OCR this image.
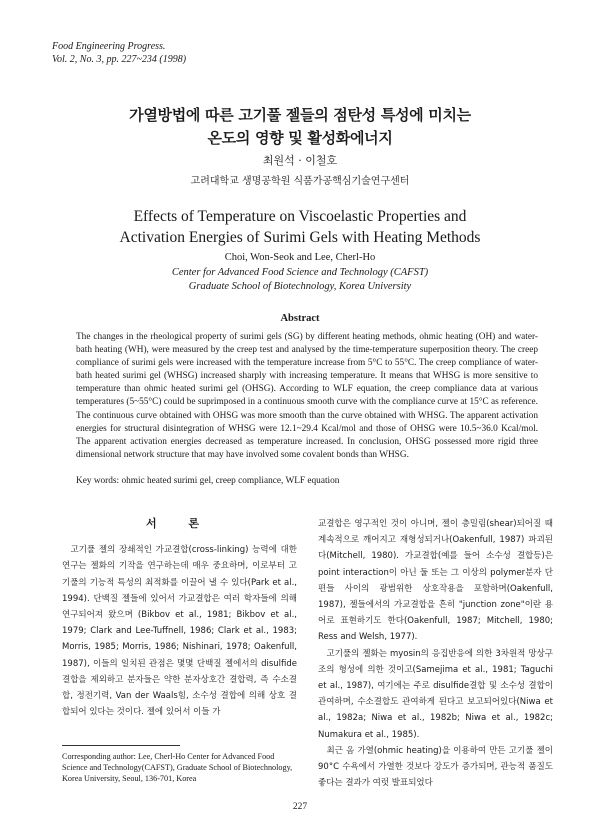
Food Engineering Progress.
Vol. 2, No. 3, pp. 227~234 (1998)
가열방법에 따른 고기풀 젤들의 점탄성 특성에 미치는
온도의 영향 및 활성화에너지
최원석 · 이철호
고려대학교 생명공학원 식품가공핵심기술연구센터
Effects of Temperature on Viscoelastic Properties and
Activation Energies of Surimi Gels with Heating Methods
Choi, Won-Seok and Lee, Cherl-Ho
Center for Advanced Food Science and Technology (CAFST)
Graduate School of Biotechnology, Korea University
Abstract
The changes in the rheological property of surimi gels (SG) by different heating methods, ohmic heating (OH) and water-bath heating (WH), were measured by the creep test and analysed by the time-temperature superposition theory. The creep compliance of surimi gels were increased with the temperature increase from 5°C to 55°C. The creep compliance of water-bath heated surimi gel (WHSG) increased sharply with increasing temperature. It means that WHSG is more sensitive to temperature than ohmic heated surimi gel (OHSG). According to WLF equation, the creep compliance data at various temperatures (5~55°C) could be suprimposed in a continuous smooth curve with the compliance curve at 15°C as reference. The continuous curve obtained with OHSG was more smooth than the curve obtained with WHSG. The apparent activation energies for structural disintegration of WHSG were 12.1~29.4 Kcal/mol and those of OHSG were 10.5~36.0 Kcal/mol. The apparent activation energies decreased as temperature increased. In conclusion, OHSG possessed more rigid three dimensional network structure that may have involved some covalent bonds than WHSG.
Key words: ohmic heated surimi gel, creep compliance, WLF equation
서 론

고기풀 젤의 장쇄적인 가교결합(cross-linking) 능력에 대한 연구는 젤화의 기작을 연구하는데 매우 중요하며, 이로부터 고기풀의 기능적 특성의 최적화를 이끌어 낼 수 있다(Park et al., 1994). 단백질 젤들에 있어서 가교결합은 여러 학자들에 의해 연구되어져 왔으며 (Bikbov et al., 1981; Bikbov et al., 1979; Clark and Lee-Tuffnell, 1986; Clark et al., 1983; Morris, 1985; Morris, 1986; Nishinari, 1978; Oakenfull, 1987), 이들의 일치된 관점은 몇몇 단백질 젤에서의 disulfide결합을 제외하고 분자들은 약한 분자상호간 결합력, 즉 수소결합, 정전기력, Van der Waals힘, 소수성 결합에 의해 상호 결합되어 있다는 것이다. 젤에 있어서 이들 가

교결합은 영구적인 것이 아니며, 젤이 층밀림(shear)되어질 때 계속적으로 깨어지고 재형성되거나(Oakenfull, 1987) 파괴된다(Mitchell, 1980). 가교결합(예를 들어 소수성 결합등)은 point interaction이 아닌 둘 또는 그 이상의 polymer분자 단편들 사이의 광범위한 상호작용을 포함하며(Oakenfull, 1987), 젤들에서의 가교결합을 흔히 "junction zone"이란 용어로 표현하기도 한다(Oakenfull, 1987; Mitchell, 1980; Ress and Welsh, 1977).

고기풀의 젤화는 myosin의 응집반응에 의한 3차원적 망상구조의 형성에 의한 것이고(Samejima et al., 1981; Taguchi et al., 1987), 여기에는 주로 disulfide결합 및 소수성 결합이 관여하며, 수소결합도 관여하게 된다고 보고되어있다(Niwa et al., 1982a; Niwa et al., 1982b; Niwa et al., 1982c; Numakura et al., 1985).

최근 옴 가열(ohmic heating)을 이용하여 만든 고기풀 젤이 90°C 수욕에서 가열한 것보다 강도가 증가되며, 관능적 품질도 좋다는 결과가 여럿 발표되었다

Corresponding author: Lee, Cherl-Ho Center for Advanced Food Science and Technology(CAFST), Graduate School of Biotechnology, Korea University, Seoul, 136-701, Korea
227
